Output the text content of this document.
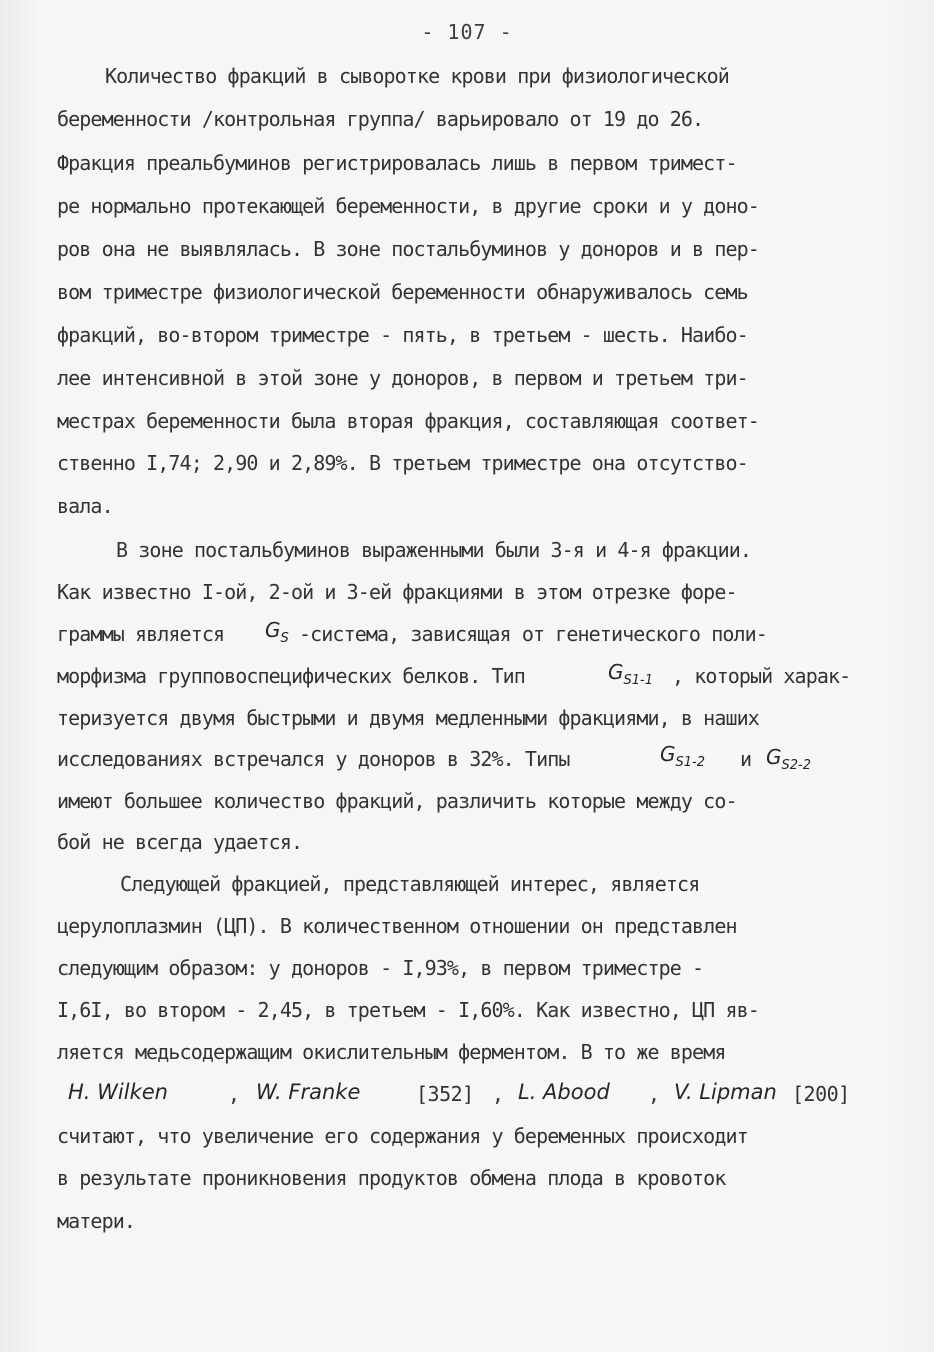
- 107 -
Количество фракций в сыворотке крови при физиологической
беременности /контрольная группа/ варьировало от 19 до 26.
Фракция преальбуминов регистрировалась лишь в первом тримест-
ре нормально протекающей беременности, в другие сроки и у доно-
ров она не выявлялась. В зоне постальбуминов у доноров и в пер-
вом триместре физиологической беременности обнаруживалось семь
фракций, во-втором триместре - пять, в третьем - шесть. Наибо-
лее интенсивной в этой зоне у доноров, в первом и третьем три-
местрах беременности была вторая фракция, составляющая соответ-
ственно I,74; 2,90 и 2,89%. В третьем триместре она отсутство-
вала.
В зоне постальбуминов выраженными были 3-я и 4-я фракции.
Как известно I-ой, 2-ой и 3-ей фракциями в этом отрезке форе-
граммы является $G_S$ -система, зависящая от генетического поли-
морфизма групповоспецифических белков. Тип	$G_{S1-1}$ , который харак-
теризуется двумя быстрыми и двумя медленными фракциями, в наших
исследованиях встречался у доноров в 32%. Типы	$G_{S1-2}$ и $G_{S2-2}$
имеют большее количество фракций, различить которые между со-
бой не всегда удается.
Следующей фракцией, представляющей интерес, является
церулоплазмин (ЦП). В количественном отношении он представлен
следующим образом: у доноров - I,93%, в первом триместре -
I,6I, во втором - 2,45, в третьем - I,60%. Как известно, ЦП яв-
ляется медьсодержащим окислительным ферментом. В то же время
H. Wilken	, W. Franke	[352] , L. Abood , V. Lipman [200]
считают, что увеличение его содержания у беременных происходит
в результате проникновения продуктов обмена плода в кровоток
матери.
